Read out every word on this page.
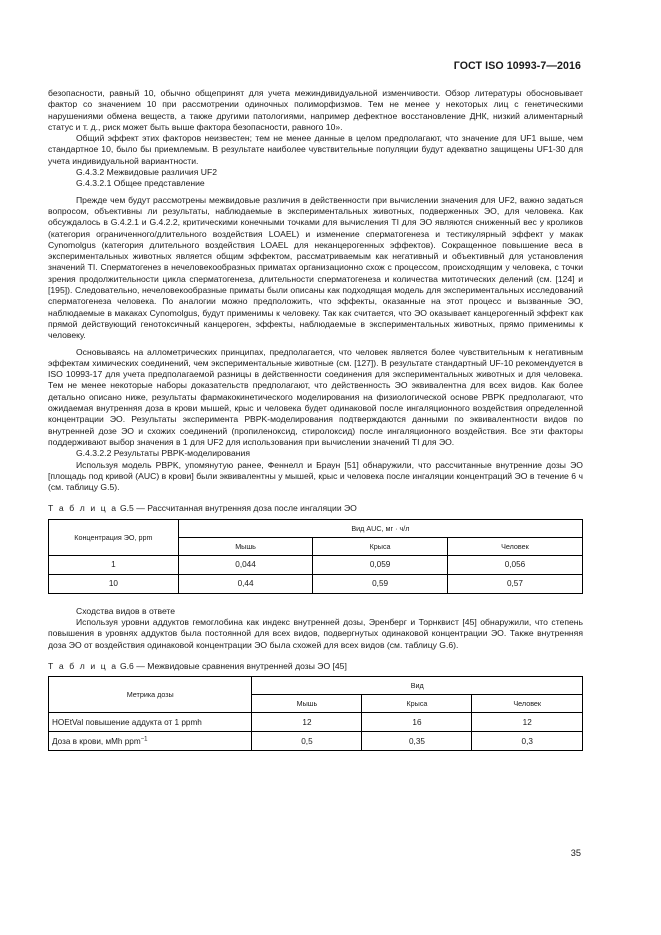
ГОСТ ISO 10993-7—2016

безопасности, равный 10, обычно общепринят для учета межиндивидуальной изменчивости. Обзор литературы обосновывает фактор со значением 10 при рассмотрении одиночных полиморфизмов. Тем не менее у некоторых лиц с генетическими нарушениями обмена веществ, а также другими патологиями, например дефектное восстановление ДНК, низкий алиментарный статус и т. д., риск может быть выше фактора безопасности, равного 10».

Общий эффект этих факторов неизвестен; тем не менее данные в целом предполагают, что значение для UF1 выше, чем стандартное 10, было бы приемлемым. В результате наиболее чувствительные популяции будут адекватно защищены UF1-30 для учета индивидуальной вариантности.

G.4.3.2 Межвидовые различия UF2

G.4.3.2.1 Общее представление

Прежде чем будут рассмотрены межвидовые различия в действенности при вычислении значения для UF2, важно задаться вопросом, объективны ли результаты, наблюдаемые в экспериментальных животных, подверженных ЭО, для человека. Как обсуждалось в G.4.2.1 и G.4.2.2, критическими конечными точками для вычисления TI для ЭО являются сниженный вес у кроликов (категория ограниченного/длительного воздействия LOAEL) и изменение сперматогенеза и тестикулярный эффект у макак Cynomolgus (категория длительного воздействия LOAEL для неканцерогенных эффектов). Сокращенное повышение веса в экспериментальных животных является общим эффектом, рассматриваемым как негативный и объективный для установления значений TI. Сперматогенез в нечеловекообразных приматах организационно схож с процессом, происходящим у человека, с точки зрения продолжительности цикла сперматогенеза, длительности сперматогенеза и количества митотических делений (см. [124] и [195]). Следовательно, нечеловекообразные приматы были описаны как подходящая модель для экспериментальных исследований сперматогенеза человека. По аналогии можно предположить, что эффекты, оказанные на этот процесс и вызванные ЭО, наблюдаемые в макаках Cynomolgus, будут применимы к человеку. Так как считается, что ЭО оказывает канцерогенный эффект как прямой действующий генотоксичный канцероген, эффекты, наблюдаемые в экспериментальных животных, прямо применимы к человеку.

Основываясь на аллометрических принципах, предполагается, что человек является более чувствительным к негативным эффектам химических соединений, чем экспериментальные животные (см. [127]). В результате стандартный UF-10 рекомендуется в ISO 10993-17 для учета предполагаемой разницы в действенности соединения для экспериментальных животных и для человека. Тем не менее некоторые наборы доказательств предполагают, что действенность ЭО эквивалентна для всех видов. Как более детально описано ниже, результаты фармакокинетического моделирования на физиологической основе PBPK предполагают, что ожидаемая внутренняя доза в крови мышей, крыс и человека будет одинаковой после ингаляционного воздействия определенной концентрации ЭО. Результаты эксперимента PBPK-моделирования подтверждаются данными по эквивалентности видов по внутренней дозе ЭО и схожих соединений (пропиленоксид, стиролоксид) после ингаляционного воздействия. Все эти факторы поддерживают выбор значения в 1 для UF2 для использования при вычислении значений TI для ЭО.

G.4.3.2.2 Результаты PBPK-моделирования

Используя модель PBPK, упомянутую ранее, Феннелл и Браун [51] обнаружили, что рассчитанные внутренние дозы ЭО [площадь под кривой (AUC) в крови] были эквивалентны у мышей, крыс и человека после ингаляции концентраций ЭО в течение 6 ч (см. таблицу G.5).

Т а б л и ц а G.5 — Рассчитанная внутренняя доза после ингаляции ЭО

Концентрация ЭО, ppm	Вид AUC, мг · ч/л		
	Мышь	Крыса	Человек
1	0,044	0,059	0,056
10	0,44	0,59	0,57

Сходства видов в ответе

Используя уровни аддуктов гемоглобина как индекс внутренней дозы, Эренберг и Торнквист [45] обнаружили, что степень повышения в уровнях аддуктов была постоянной для всех видов, подвергнутых одинаковой концентрации ЭО. Также внутренняя доза ЭО от воздействия одинаковой концентрации ЭО была схожей для всех видов (см. таблицу G.6).

Т а б л и ц а G.6 — Межвидовые сравнения внутренней дозы ЭО [45]

Метрика дозы	Вид		
	Мышь	Крыса	Человек
HOEtVal повышение аддукта от 1 ppmh	12	16	12
Доза в крови, мMh ppm$^{-1}$	0,5	0,35	0,3
35
